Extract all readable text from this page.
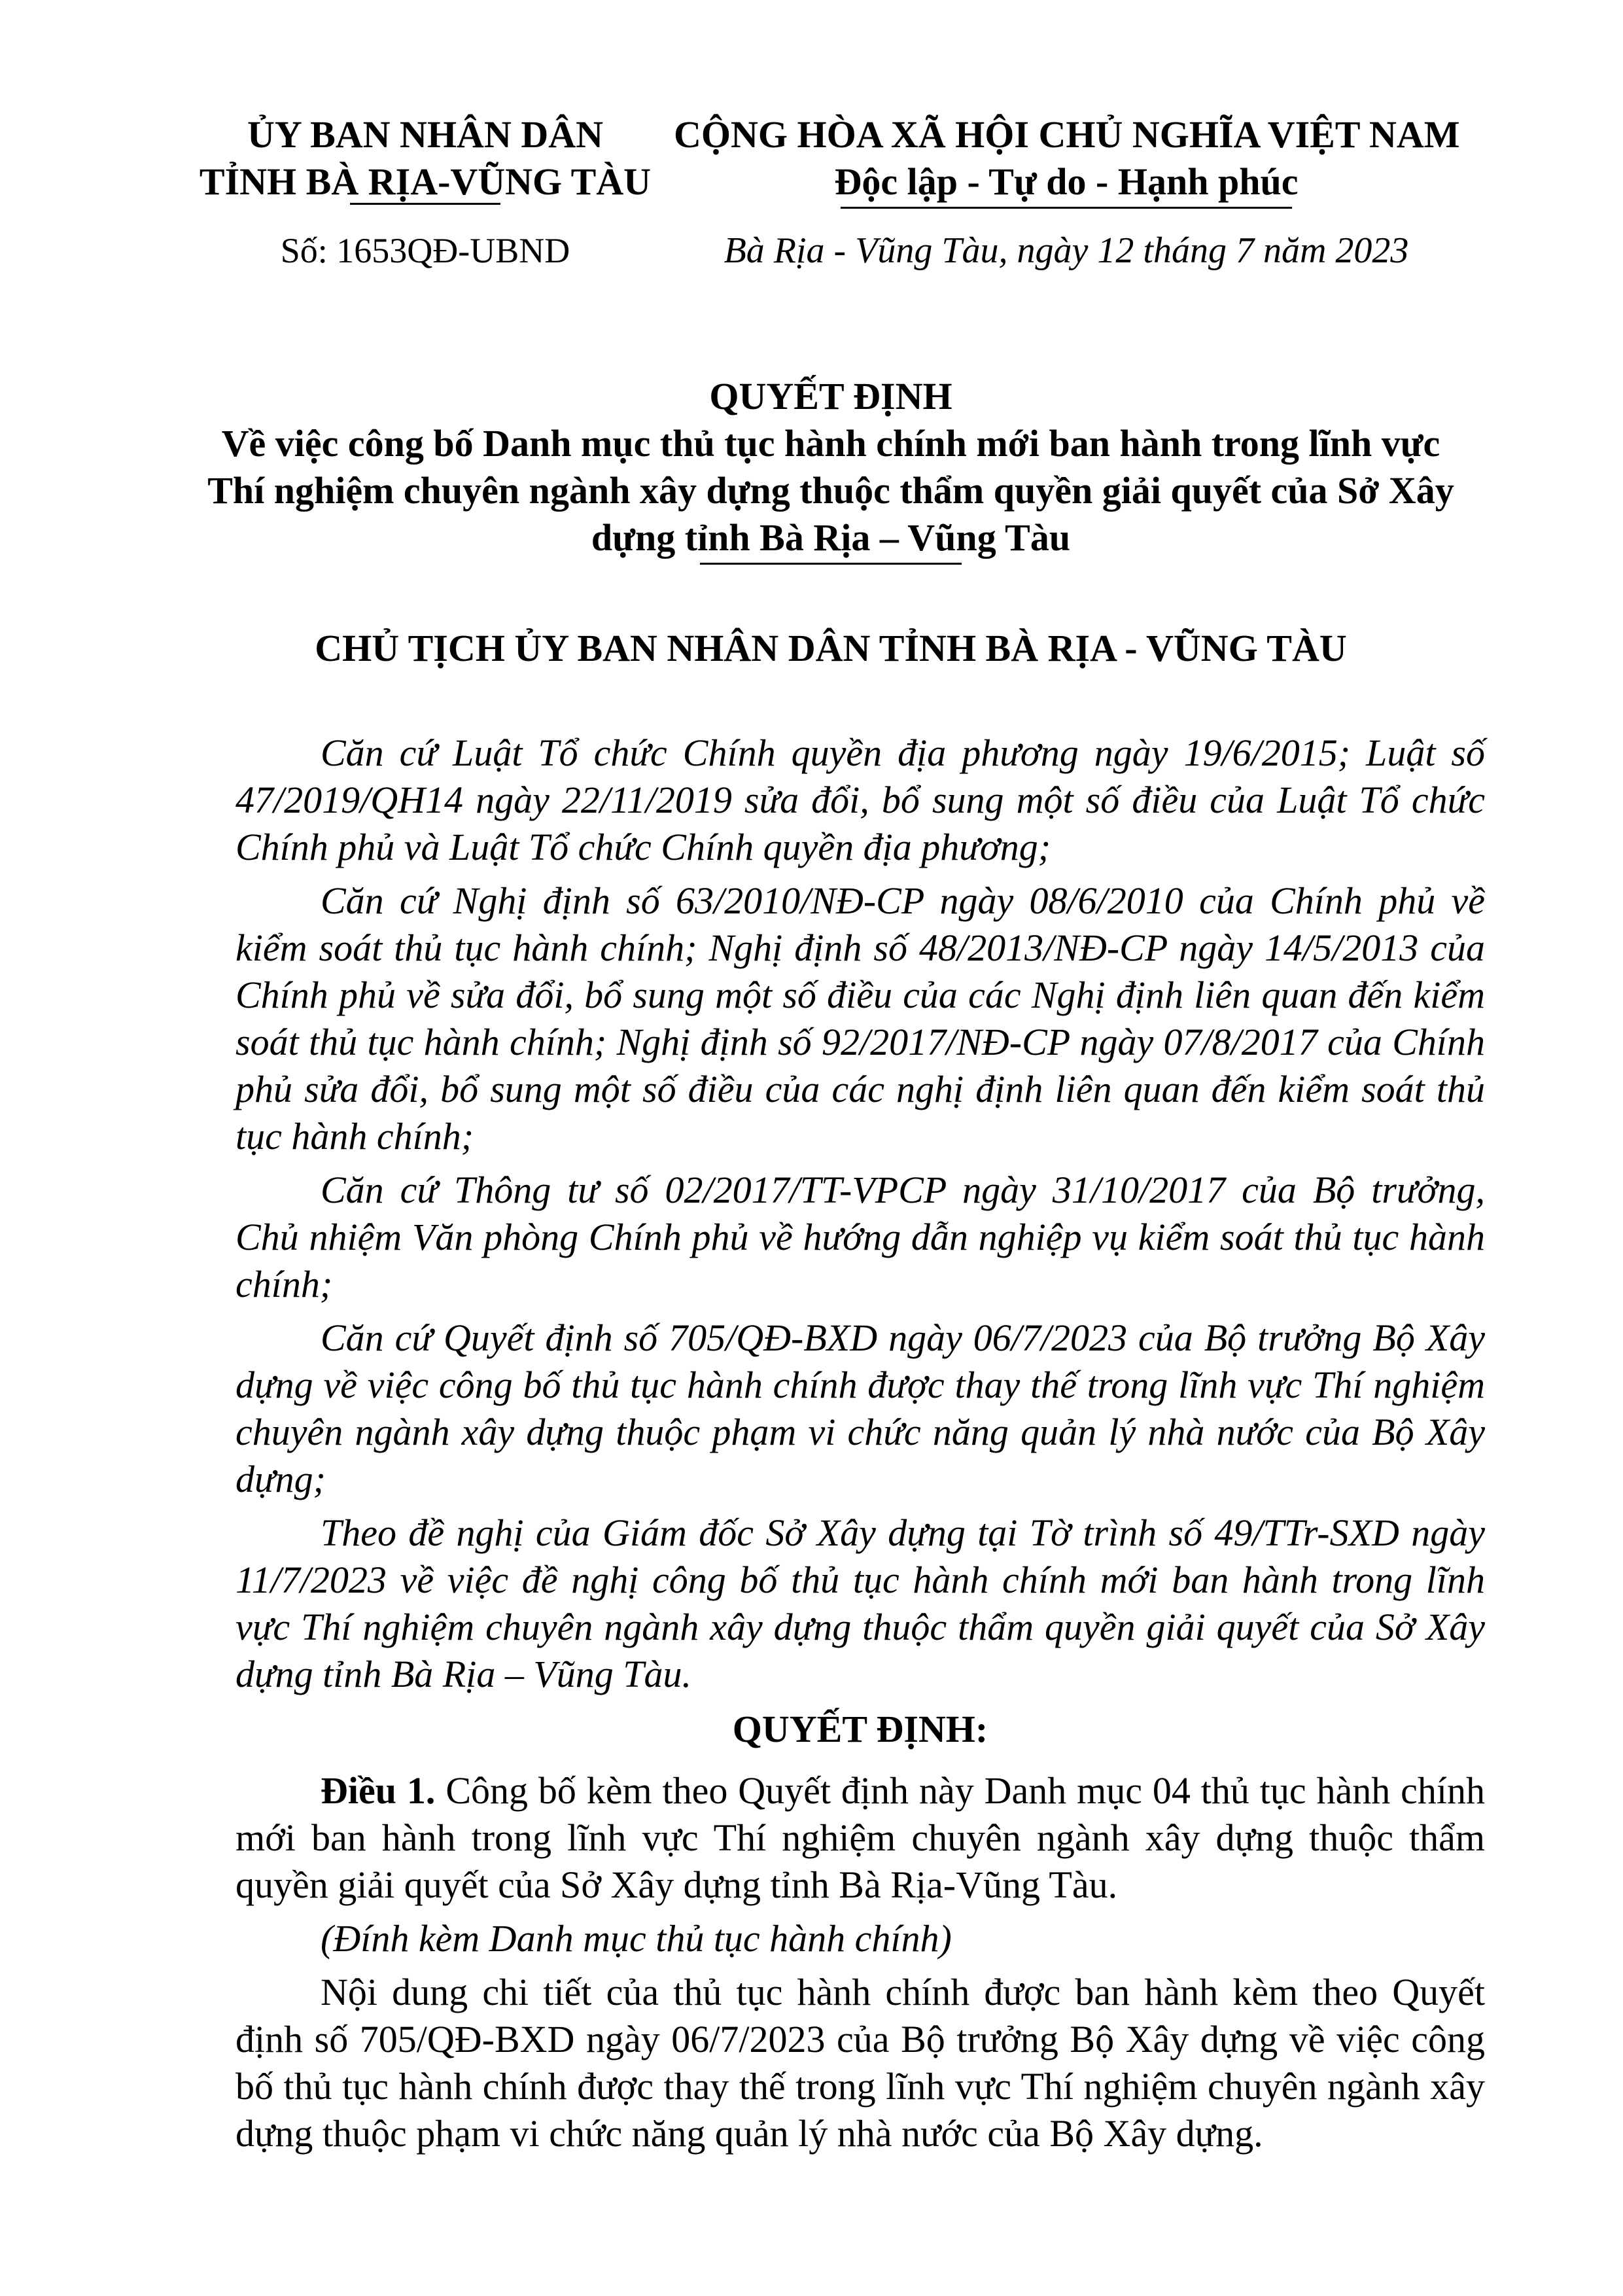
ỦY BAN NHÂN DÂN

TỈNH BÀ RỊA-VŨNG TÀU

CỘNG HÒA XÃ HỘI CHỦ NGHĨA VIỆT NAM

Độc lập - Tự do - Hạnh phúc

Số: 1653QĐ-UBND	Bà Rịa - Vũng Tàu, ngày 12 tháng 7 năm 2023
QUYẾT ĐỊNH
Về việc công bố Danh mục thủ tục hành chính mới ban hành trong lĩnh vực Thí nghiệm chuyên ngành xây dựng thuộc thẩm quyền giải quyết của Sở Xây dựng tỉnh Bà Rịa – Vũng Tàu
CHỦ TỊCH ỦY BAN NHÂN DÂN TỈNH BÀ RỊA - VŨNG TÀU

Căn cứ Luật Tổ chức Chính quyền địa phương ngày 19/6/2015; Luật số 47/2019/QH14 ngày 22/11/2019 sửa đổi, bổ sung một số điều của Luật Tổ chức Chính phủ và Luật Tổ chức Chính quyền địa phương;

Căn cứ Nghị định số 63/2010/NĐ-CP ngày 08/6/2010 của Chính phủ về kiểm soát thủ tục hành chính; Nghị định số 48/2013/NĐ-CP ngày 14/5/2013 của Chính phủ về sửa đổi, bổ sung một số điều của các Nghị định liên quan đến kiểm soát thủ tục hành chính; Nghị định số 92/2017/NĐ-CP ngày 07/8/2017 của Chính phủ sửa đổi, bổ sung một số điều của các nghị định liên quan đến kiểm soát thủ tục hành chính;

Căn cứ Thông tư số 02/2017/TT-VPCP ngày 31/10/2017 của Bộ trưởng, Chủ nhiệm Văn phòng Chính phủ về hướng dẫn nghiệp vụ kiểm soát thủ tục hành chính;

Căn cứ Quyết định số 705/QĐ-BXD ngày 06/7/2023 của Bộ trưởng Bộ Xây dựng về việc công bố thủ tục hành chính được thay thế trong lĩnh vực Thí nghiệm chuyên ngành xây dựng thuộc phạm vi chức năng quản lý nhà nước của Bộ Xây dựng;

Theo đề nghị của Giám đốc Sở Xây dựng tại Tờ trình số 49/TTr-SXD ngày 11/7/2023 về việc đề nghị công bố thủ tục hành chính mới ban hành trong lĩnh vực Thí nghiệm chuyên ngành xây dựng thuộc thẩm quyền giải quyết của Sở Xây dựng tỉnh Bà Rịa – Vũng Tàu.

QUYẾT ĐỊNH:

Điều 1. Công bố kèm theo Quyết định này Danh mục 04 thủ tục hành chính mới ban hành trong lĩnh vực Thí nghiệm chuyên ngành xây dựng thuộc thẩm quyền giải quyết của Sở Xây dựng tỉnh Bà Rịa-Vũng Tàu.

(Đính kèm Danh mục thủ tục hành chính)

Nội dung chi tiết của thủ tục hành chính được ban hành kèm theo Quyết định số 705/QĐ-BXD ngày 06/7/2023 của Bộ trưởng Bộ Xây dựng về việc công bố thủ tục hành chính được thay thế trong lĩnh vực Thí nghiệm chuyên ngành xây dựng thuộc phạm vi chức năng quản lý nhà nước của Bộ Xây dựng.
